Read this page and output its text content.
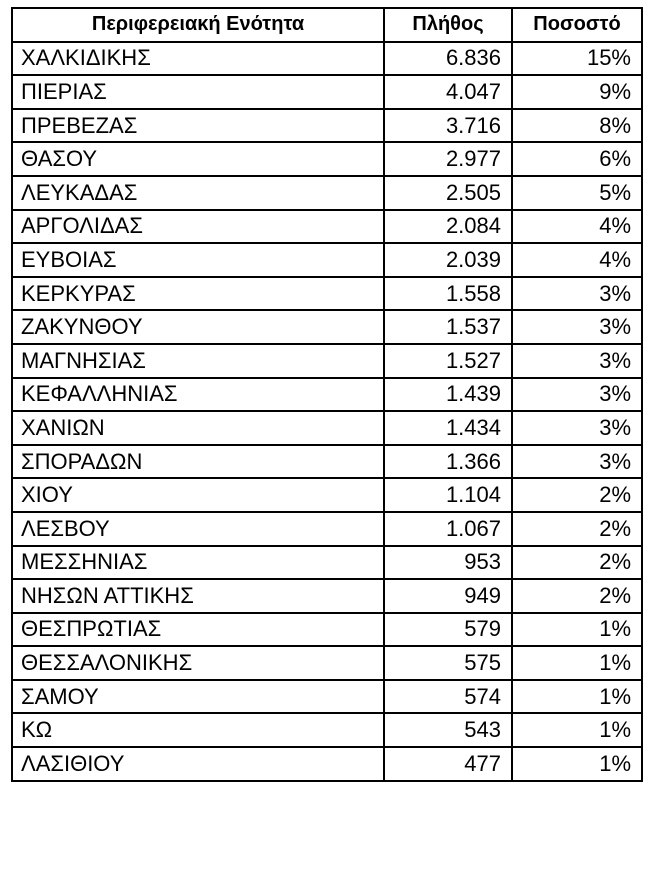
Περιφερειακή Ενότητα	Πλήθος	Ποσοστό
ΧΑΛΚΙΔΙΚΗΣ	6.836	15%
ΠΙΕΡΙΑΣ	4.047	9%
ΠΡΕΒΕΖΑΣ	3.716	8%
ΘΑΣΟΥ	2.977	6%
ΛΕΥΚΑΔΑΣ	2.505	5%
ΑΡΓΟΛΙΔΑΣ	2.084	4%
ΕΥΒΟΙΑΣ	2.039	4%
ΚΕΡΚΥΡΑΣ	1.558	3%
ΖΑΚΥΝΘΟΥ	1.537	3%
ΜΑΓΝΗΣΙΑΣ	1.527	3%
ΚΕΦΑΛΛΗΝΙΑΣ	1.439	3%
ΧΑΝΙΩΝ	1.434	3%
ΣΠΟΡΑΔΩΝ	1.366	3%
ΧΙΟΥ	1.104	2%
ΛΕΣΒΟΥ	1.067	2%
ΜΕΣΣΗΝΙΑΣ	953	2%
ΝΗΣΩΝ ΑΤΤΙΚΗΣ	949	2%
ΘΕΣΠΡΩΤΙΑΣ	579	1%
ΘΕΣΣΑΛΟΝΙΚΗΣ	575	1%
ΣΑΜΟΥ	574	1%
ΚΩ	543	1%
ΛΑΣΙΘΙΟΥ	477	1%
